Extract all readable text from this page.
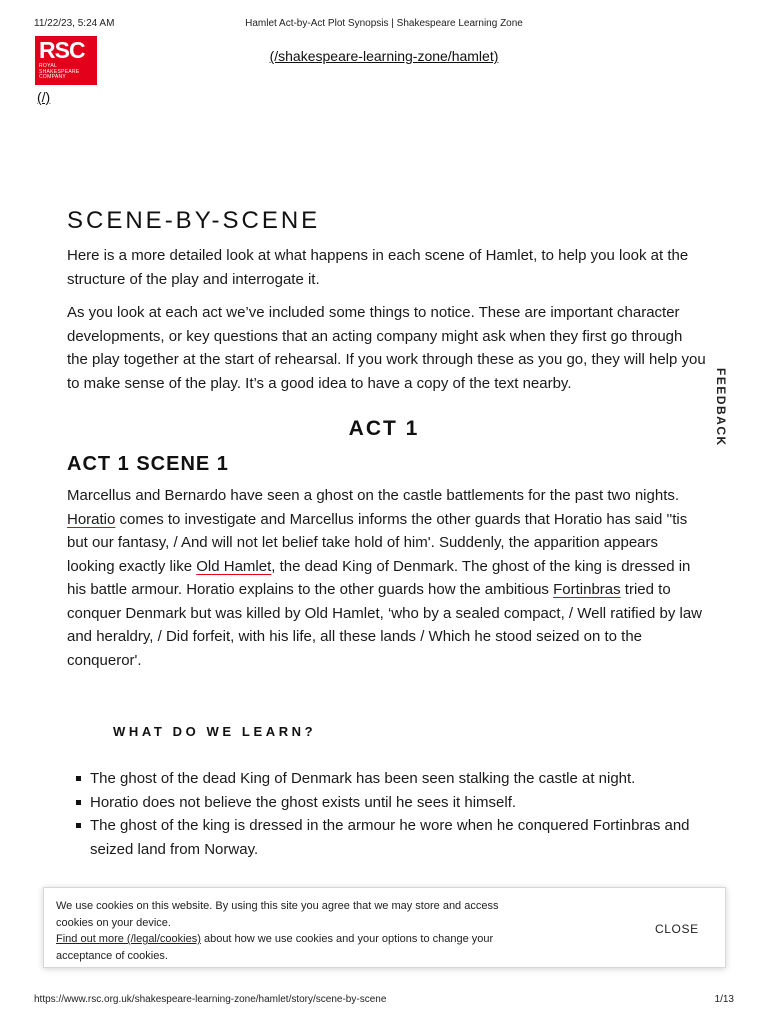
11/22/23, 5:24 AM	Hamlet Act-by-Act Plot Synopsis | Shakespeare Learning Zone
RSC
ROYAL
SHAKESPEARE
COMPANY
(/shakespeare-learning-zone/hamlet)
(/)
SCENE-BY-SCENE

Here is a more detailed look at what happens in each scene of Hamlet, to help you look at the structure of the play and interrogate it.

As you look at each act we’ve included some things to notice. These are important character developments, or key questions that an acting company might ask when they first go through the play together at the start of rehearsal. If you work through these as you go, they will help you to make sense of the play. It’s a good idea to have a copy of the text nearby.

ACT 1
ACT 1 SCENE 1

Marcellus and Bernardo have seen a ghost on the castle battlements for the past two nights. Horatio comes to investigate and Marcellus informs the other guards that Horatio has said ''tis but our fantasy, / And will not let belief take hold of him'. Suddenly, the apparition appears looking exactly like Old Hamlet, the dead King of Denmark. The ghost of the king is dressed in his battle armour. Horatio explains to the other guards how the ambitious Fortinbras tried to conquer Denmark but was killed by Old Hamlet, ‘who by a sealed compact, / Well ratified by law and heraldry, / Did forfeit, with his life, all these lands / Which he stood seized on to the conqueror'.

WHAT DO WE LEARN?
The ghost of the dead King of Denmark has been seen stalking the castle at night.
Horatio does not believe the ghost exists until he sees it himself.
The ghost of the king is dressed in the armour he wore when he conquered Fortinbras and seized land from Norway.
FEEDBACK

We use cookies on this website. By using this site you agree that we may store and access cookies on your device.
Find out more (/legal/cookies) about how we use cookies and your options to change your acceptance of cookies.

CLOSE
https://www.rsc.org.uk/shakespeare-learning-zone/hamlet/story/scene-by-scene	1/13
